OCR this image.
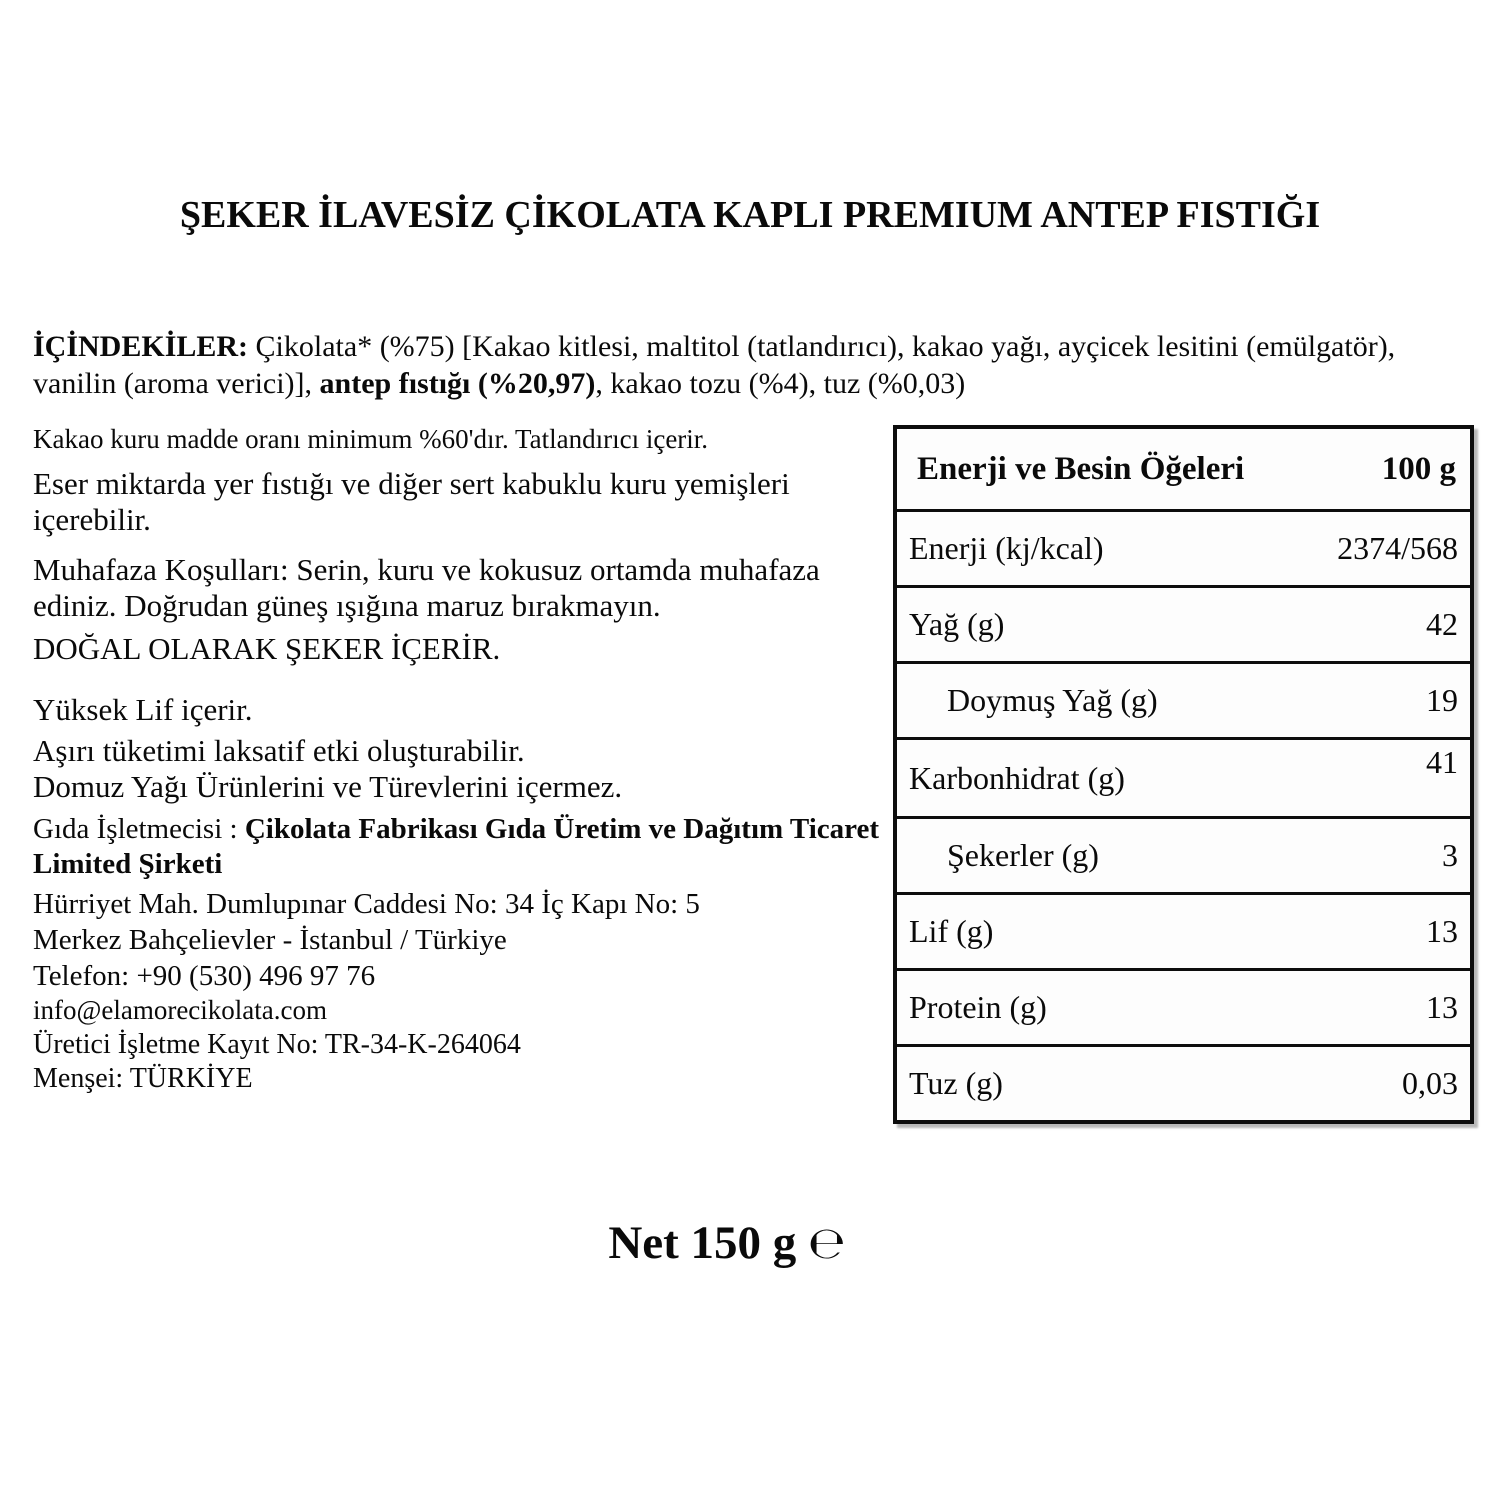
ŞEKER İLAVESİZ ÇİKOLATA KAPLI PREMIUM ANTEP FISTIĞI

İÇİNDEKİLER: Çikolata* (%75) [Kakao kitlesi, maltitol (tatlandırıcı), kakao yağı, ayçicek lesitini (emülgatör), vanilin (aroma verici)], antep fıstığı (%20,97), kakao tozu (%4), tuz (%0,03)

Kakao kuru madde oranı minimum %60'dır. Tatlandırıcı içerir.

Eser miktarda yer fıstığı ve diğer sert kabuklu kuru yemişleri içerebilir.

Muhafaza Koşulları: Serin, kuru ve kokusuz ortamda muhafaza ediniz. Doğrudan güneş ışığına maruz bırakmayın.

DOĞAL OLARAK ŞEKER İÇERİR.

Yüksek Lif içerir.

Aşırı tüketimi laksatif etki oluşturabilir.

Domuz Yağı Ürünlerini ve Türevlerini içermez.

Gıda İşletmecisi : Çikolata Fabrikası Gıda Üretim ve Dağıtım Ticaret Limited Şirketi

Hürriyet Mah. Dumlupınar Caddesi No: 34 İç Kapı No: 5

Merkez Bahçelievler - İstanbul / Türkiye

Telefon: +90 (530) 496 97 76

info@elamorecikolata.com

Üretici İşletme Kayıt No: TR-34-K-264064

Menşei: TÜRKİYE

Enerji ve Besin Öğeleri	100 g
Enerji (kj/kcal)	2374/568
Yağ (g)	42
Doymuş Yağ (g)	19
Karbonhidrat (g)	41
Şekerler (g)	3
Lif (g)	13
Protein (g)	13
Tuz (g)	0,03

Net 150 g ℮
